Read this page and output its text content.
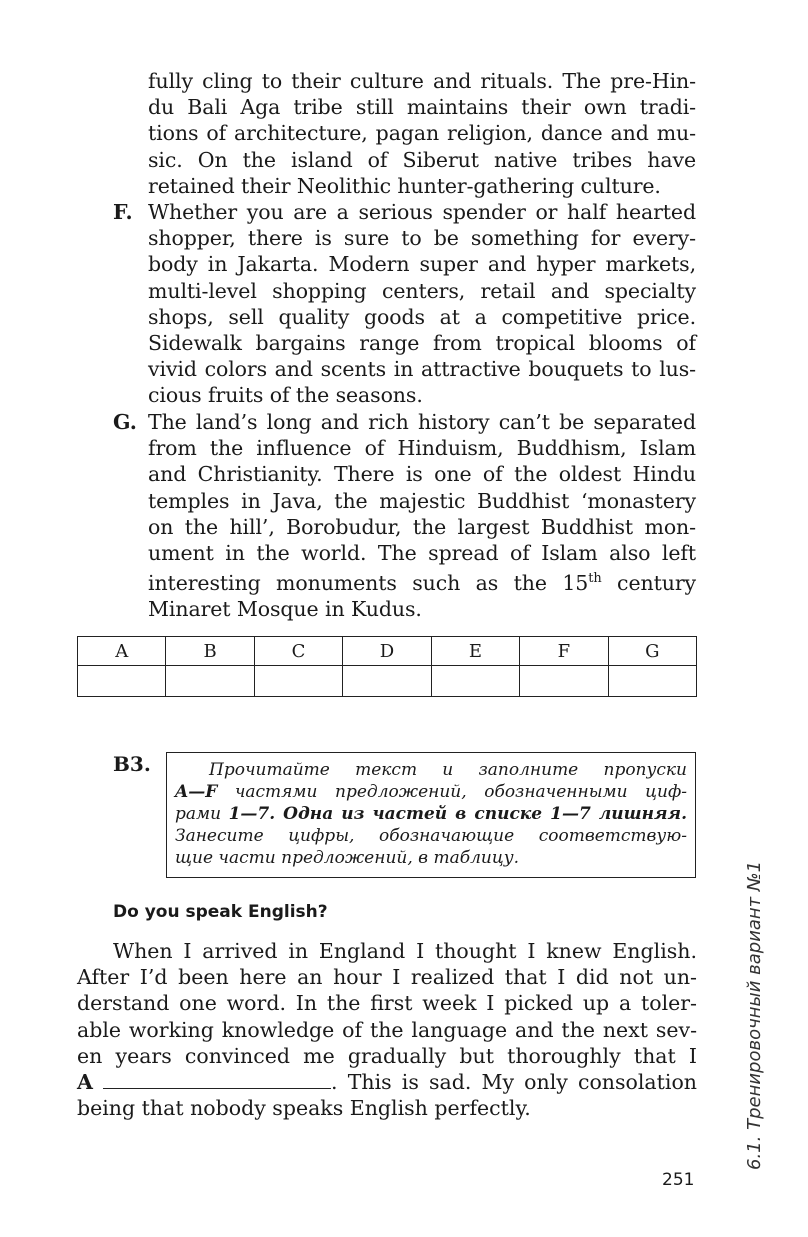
fully cling to their culture and rituals. The pre-Hin-
du Bali Aga tribe still maintains their own tradi-
tions of architecture, pagan religion, dance and mu-
sic. On the island of Siberut native tribes have
retained their Neolithic hunter-gathering culture.
F. Whether you are a serious spender or half hearted
shopper, there is sure to be something for every-
body in Jakarta. Modern super and hyper markets,
multi-level shopping centers, retail and specialty
shops, sell quality goods at a competitive price.
Sidewalk bargains range from tropical blooms of
vivid colors and scents in attractive bouquets to lus-
cious fruits of the seasons.
G. The land’s long and rich history can’t be separated
from the influence of Hinduism, Buddhism, Islam
and Christianity. There is one of the oldest Hindu
temples in Java, the majestic Buddhist ‘monastery
on the hill’, Borobudur, the largest Buddhist mon-
ument in the world. The spread of Islam also left
interesting monuments such as the 15th century
Minaret Mosque in Kudus.
A	B	C	D	E	F	G

B3.	Прочитайте текст и заполните пропуски
A—F частями предложений, обозначенными циф-
рами 1—7. Одна из частей в списке 1—7 лишняя.
Занесите цифры, обозначающие соответствую-
щие части предложений, в таблицу.
Do you speak English?
When I arrived in England I thought I knew English.
After I’d been here an hour I realized that I did not un-
derstand one word. In the first week I picked up a toler-
able working knowledge of the language and the next sev-
en years convinced me gradually but thoroughly that I
A	. This is sad. My only consolation
being that nobody speaks English perfectly.
251
6.1. Тренировочный вариант №1
